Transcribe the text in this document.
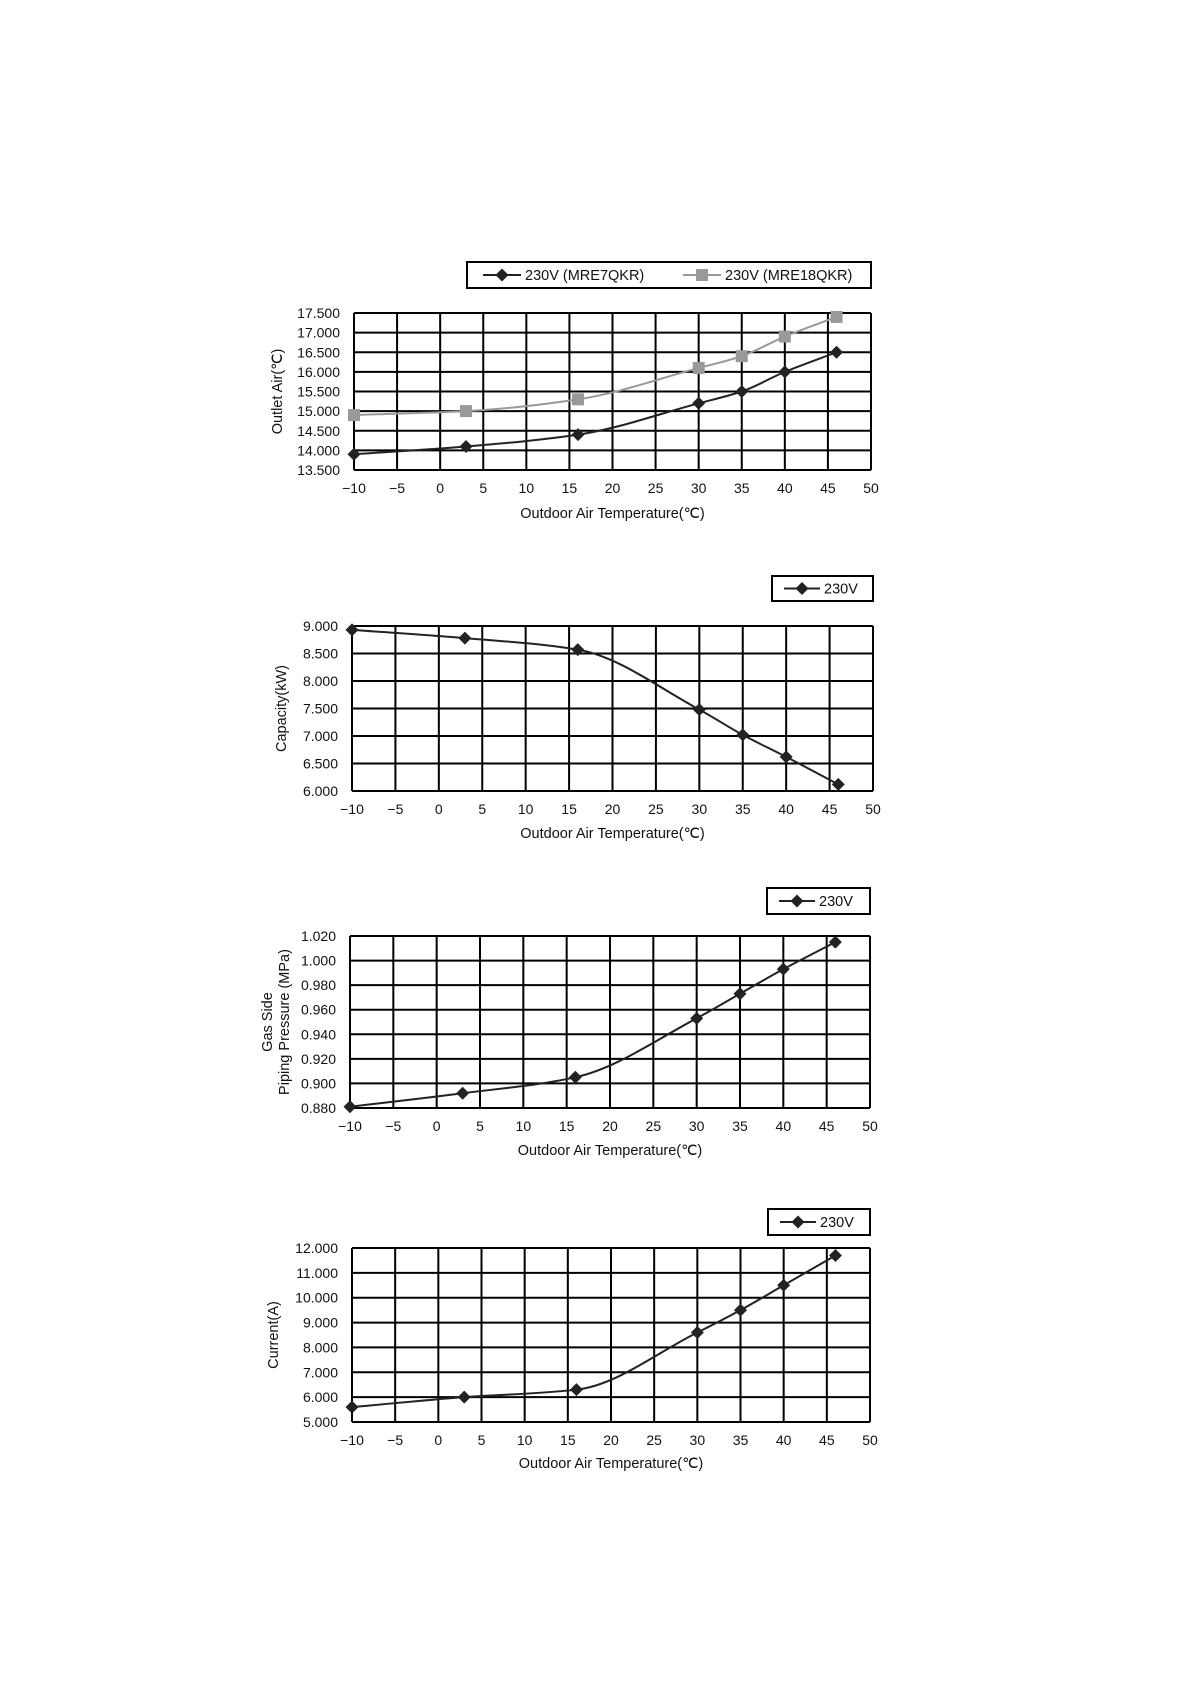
−10 −5 0	5 10 15 20 25 30 35 40 45 50
13.500
14.000
14.500
15.000
15.500
16.000
16.500
17.000
17.500
Outdoor Air Temperature(℃)
Outlet Air(℃)
230V (MRE7QKR)	230V (MRE18QKR)
−10 −5 0	5 10 15 20 25 30 35 40 45 50
6.000
6.500
7.000
7.500
8.000
8.500
9.000
Outdoor Air Temperature(℃)
Capacity(kW)
230V
−10 −5 0	5 10 15 20 25 30 35 40 45 50
0.880
0.900
0.920
0.940
0.960
0.980
1.000
1.020
Outdoor Air Temperature(℃)
Gas Side Piping Pressure (MPa)
230V
−10 −5 0	5 10 15 20 25 30 35 40 45 50
5.000
6.000
7.000
8.000
9.000
10.000
11.000
12.000
Outdoor Air Temperature(℃)
Current(A)
230V
